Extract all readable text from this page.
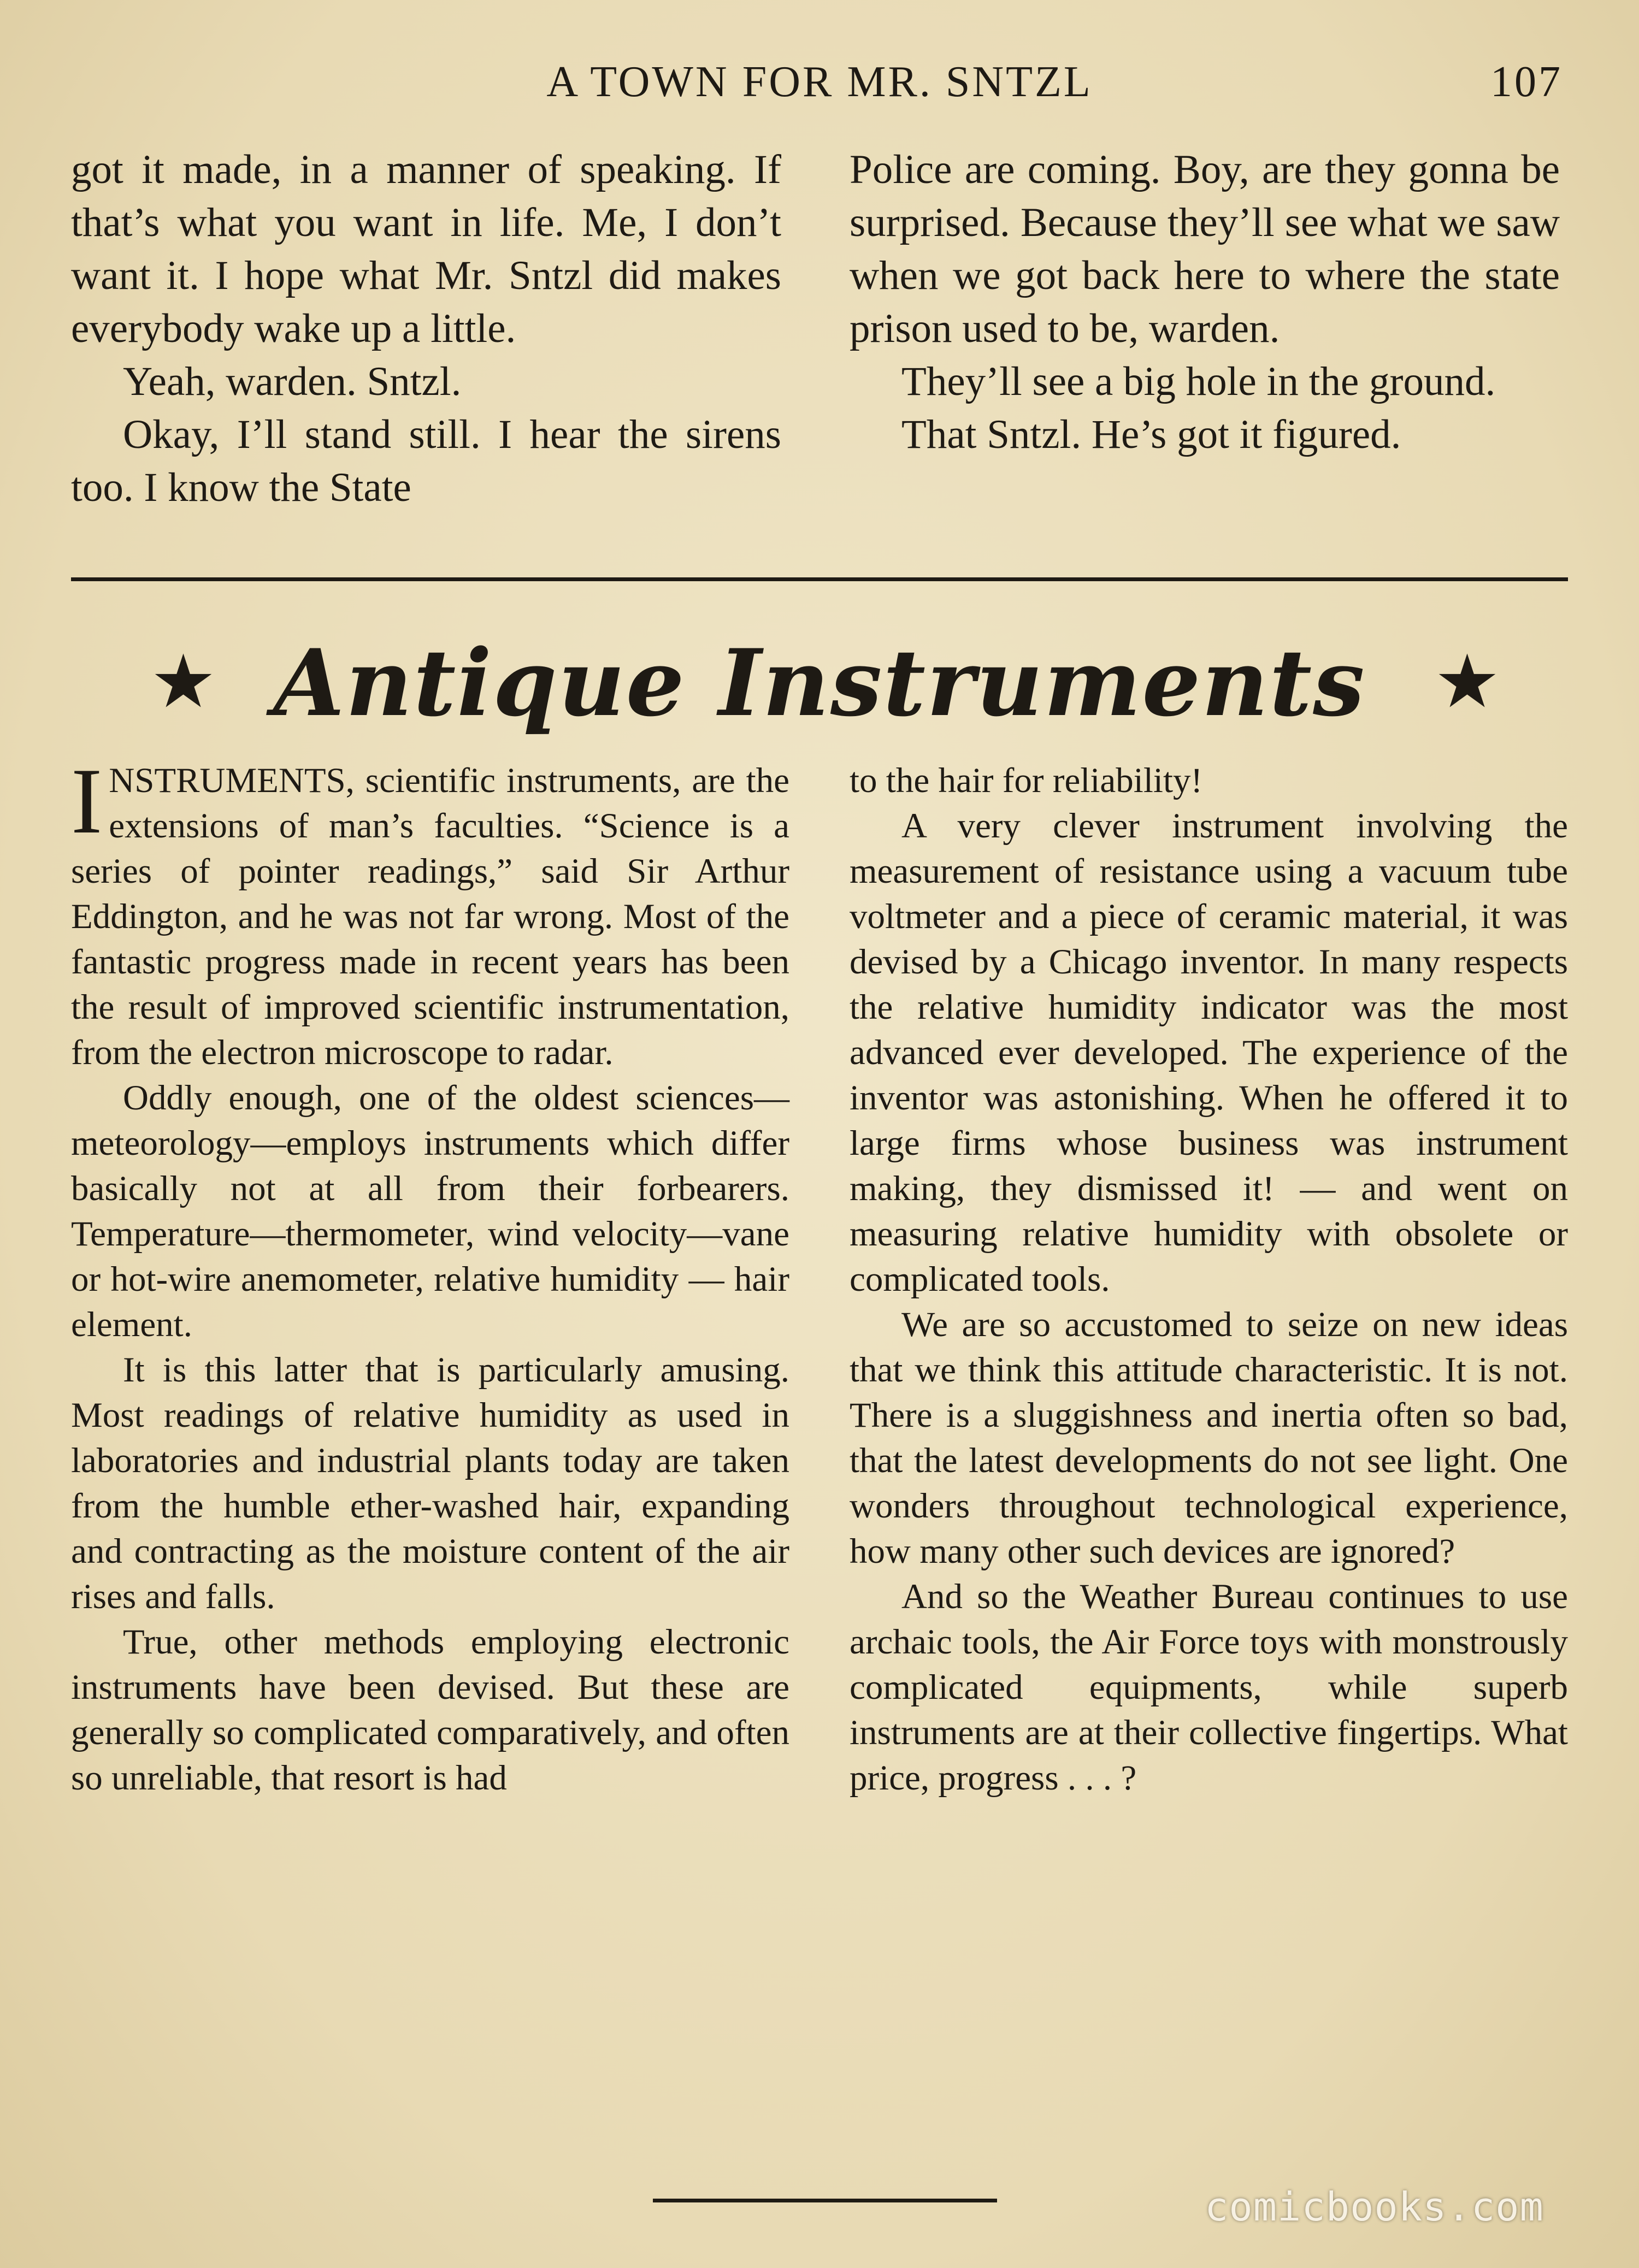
A TOWN FOR MR. SNTZL	107

got it made, in a manner of speaking. If that’s what you want in life. Me, I don’t want it. I hope what Mr. Sntzl did makes everybody wake up a little.

Yeah, warden. Sntzl.

Okay, I’ll stand still. I hear the sirens too. I know the State

Police are coming. Boy, are they gonna be surprised. Because they’ll see what we saw when we got back here to where the state prison used to be, warden.

They’ll see a big hole in the ground.

That Sntzl. He’s got it figured.

★ Antique Instruments ★

INSTRUMENTS, scientific instruments, are the extensions of man’s faculties. “Science is a series of pointer readings,” said Sir Arthur Eddington, and he was not far wrong. Most of the fantastic progress made in recent years has been the result of improved scientific instrumentation, from the electron microscope to radar.

Oddly enough, one of the oldest sciences—meteorology—employs instruments which differ basically not at all from their forbearers. Temperature—thermometer, wind velocity—vane or hot-wire anemometer, relative humidity — hair element.

It is this latter that is particularly amusing. Most readings of relative humidity as used in laboratories and industrial plants today are taken from the humble ether-washed hair, expanding and contracting as the moisture content of the air rises and falls.

True, other methods employing electronic instruments have been devised. But these are generally so complicated comparatively, and often so unreliable, that resort is had

to the hair for reliability!

A very clever instrument involving the measurement of resistance using a vacuum tube voltmeter and a piece of ceramic material, it was devised by a Chicago inventor. In many respects the relative humidity indicator was the most advanced ever developed. The experience of the inventor was astonishing. When he offered it to large firms whose business was instrument making, they dismissed it! — and went on measuring relative humidity with obsolete or complicated tools.

We are so accustomed to seize on new ideas that we think this attitude characteristic. It is not. There is a sluggishness and inertia often so bad, that the latest developments do not see light. One wonders throughout technological experience, how many other such devices are ignored?

And so the Weather Bureau continues to use archaic tools, the Air Force toys with monstrously complicated equipments, while superb instruments are at their collective fingertips. What price, progress . . . ?

comicbooks.com
